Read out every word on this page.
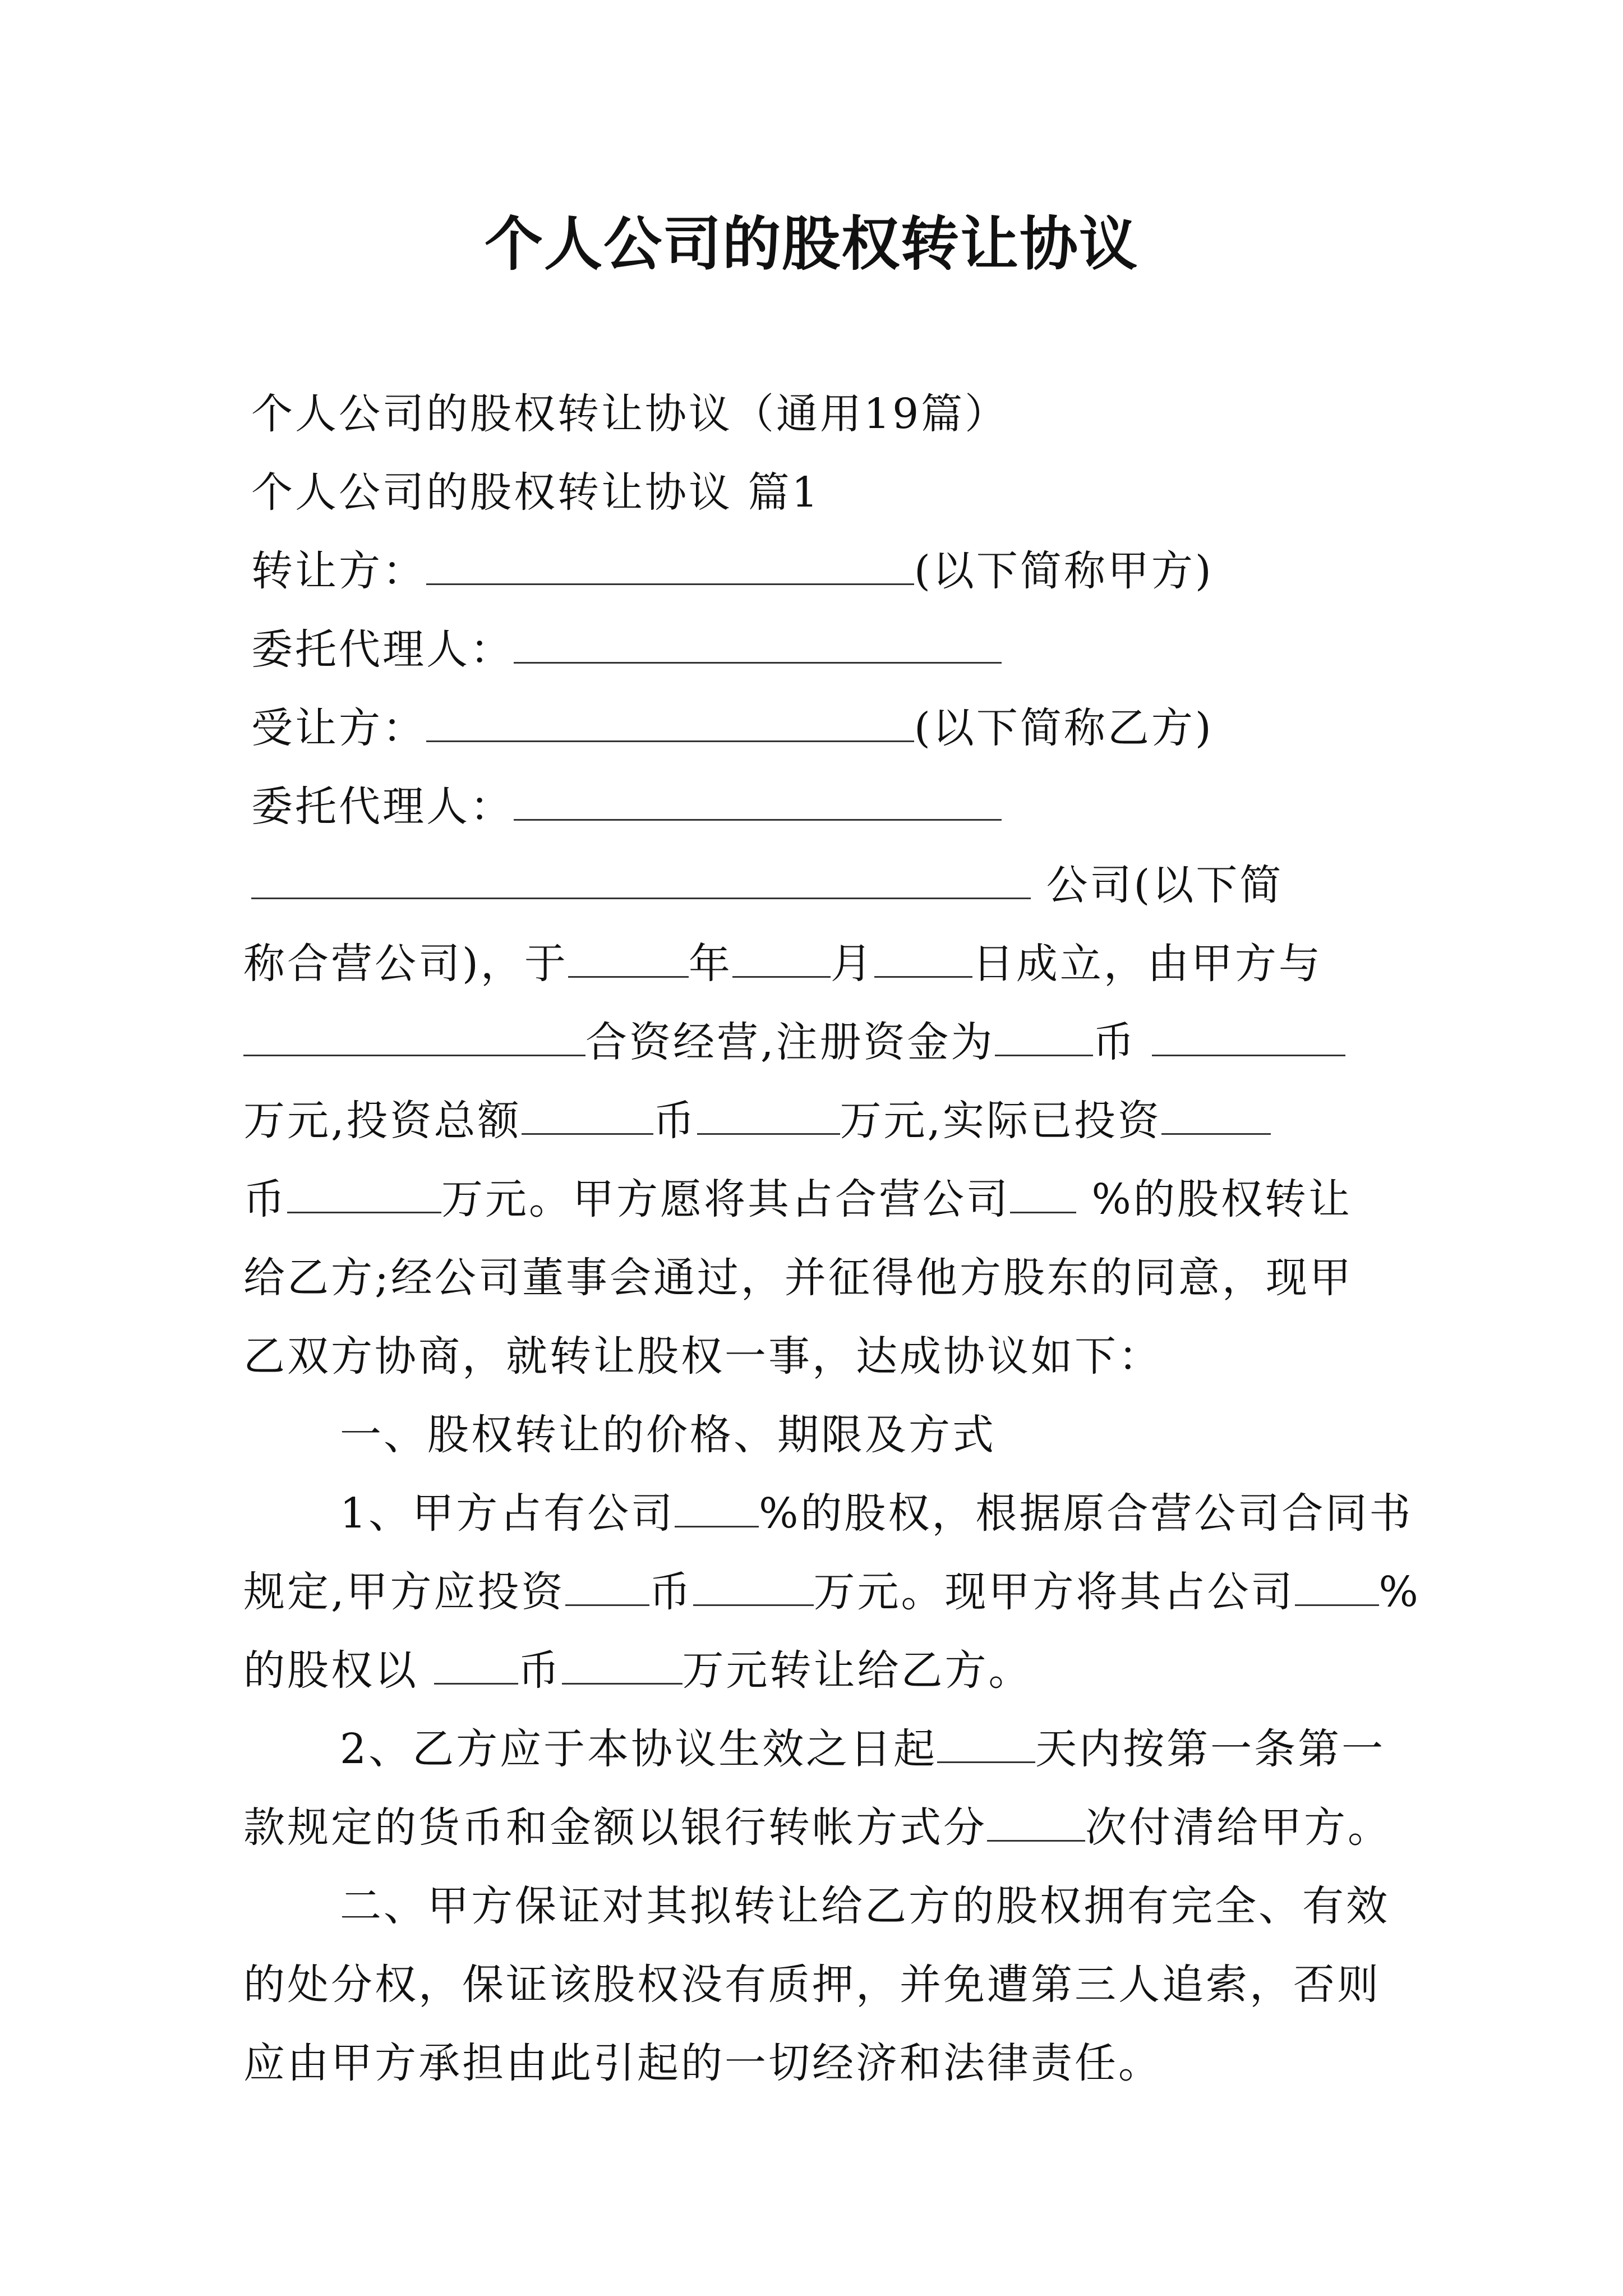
个人公司的股权转让协议

个人公司的股权转让协议（通用19篇）

个人公司的股权转让协议 篇1

转让方：	(以下简称甲方)

委托代理人：

受让方：	(以下简称乙方)

委托代理人：

公司(以下简

称合营公司)，于	年 月 日成立，由甲方与

合资经营,注册资金为 币

万元,投资总额	币	万元,实际已投资

币	万元。甲方愿将其占合营公司 %的股权转让

给乙方;经公司董事会通过，并征得他方股东的同意，现甲

乙双方协商，就转让股权一事，达成协议如下：

一、股权转让的价格、期限及方式

1、甲方占有公司 %的股权，根据原合营公司合同书

规定,甲方应投资 币	万元。现甲方将其占公司 %

的股权以 币	万元转让给乙方。

2、乙方应于本协议生效之日起 天内按第一条第一

款规定的货币和金额以银行转帐方式分 次付清给甲方。

二、甲方保证对其拟转让给乙方的股权拥有完全、有效

的处分权，保证该股权没有质押，并免遭第三人追索，否则

应由甲方承担由此引起的一切经济和法律责任。
